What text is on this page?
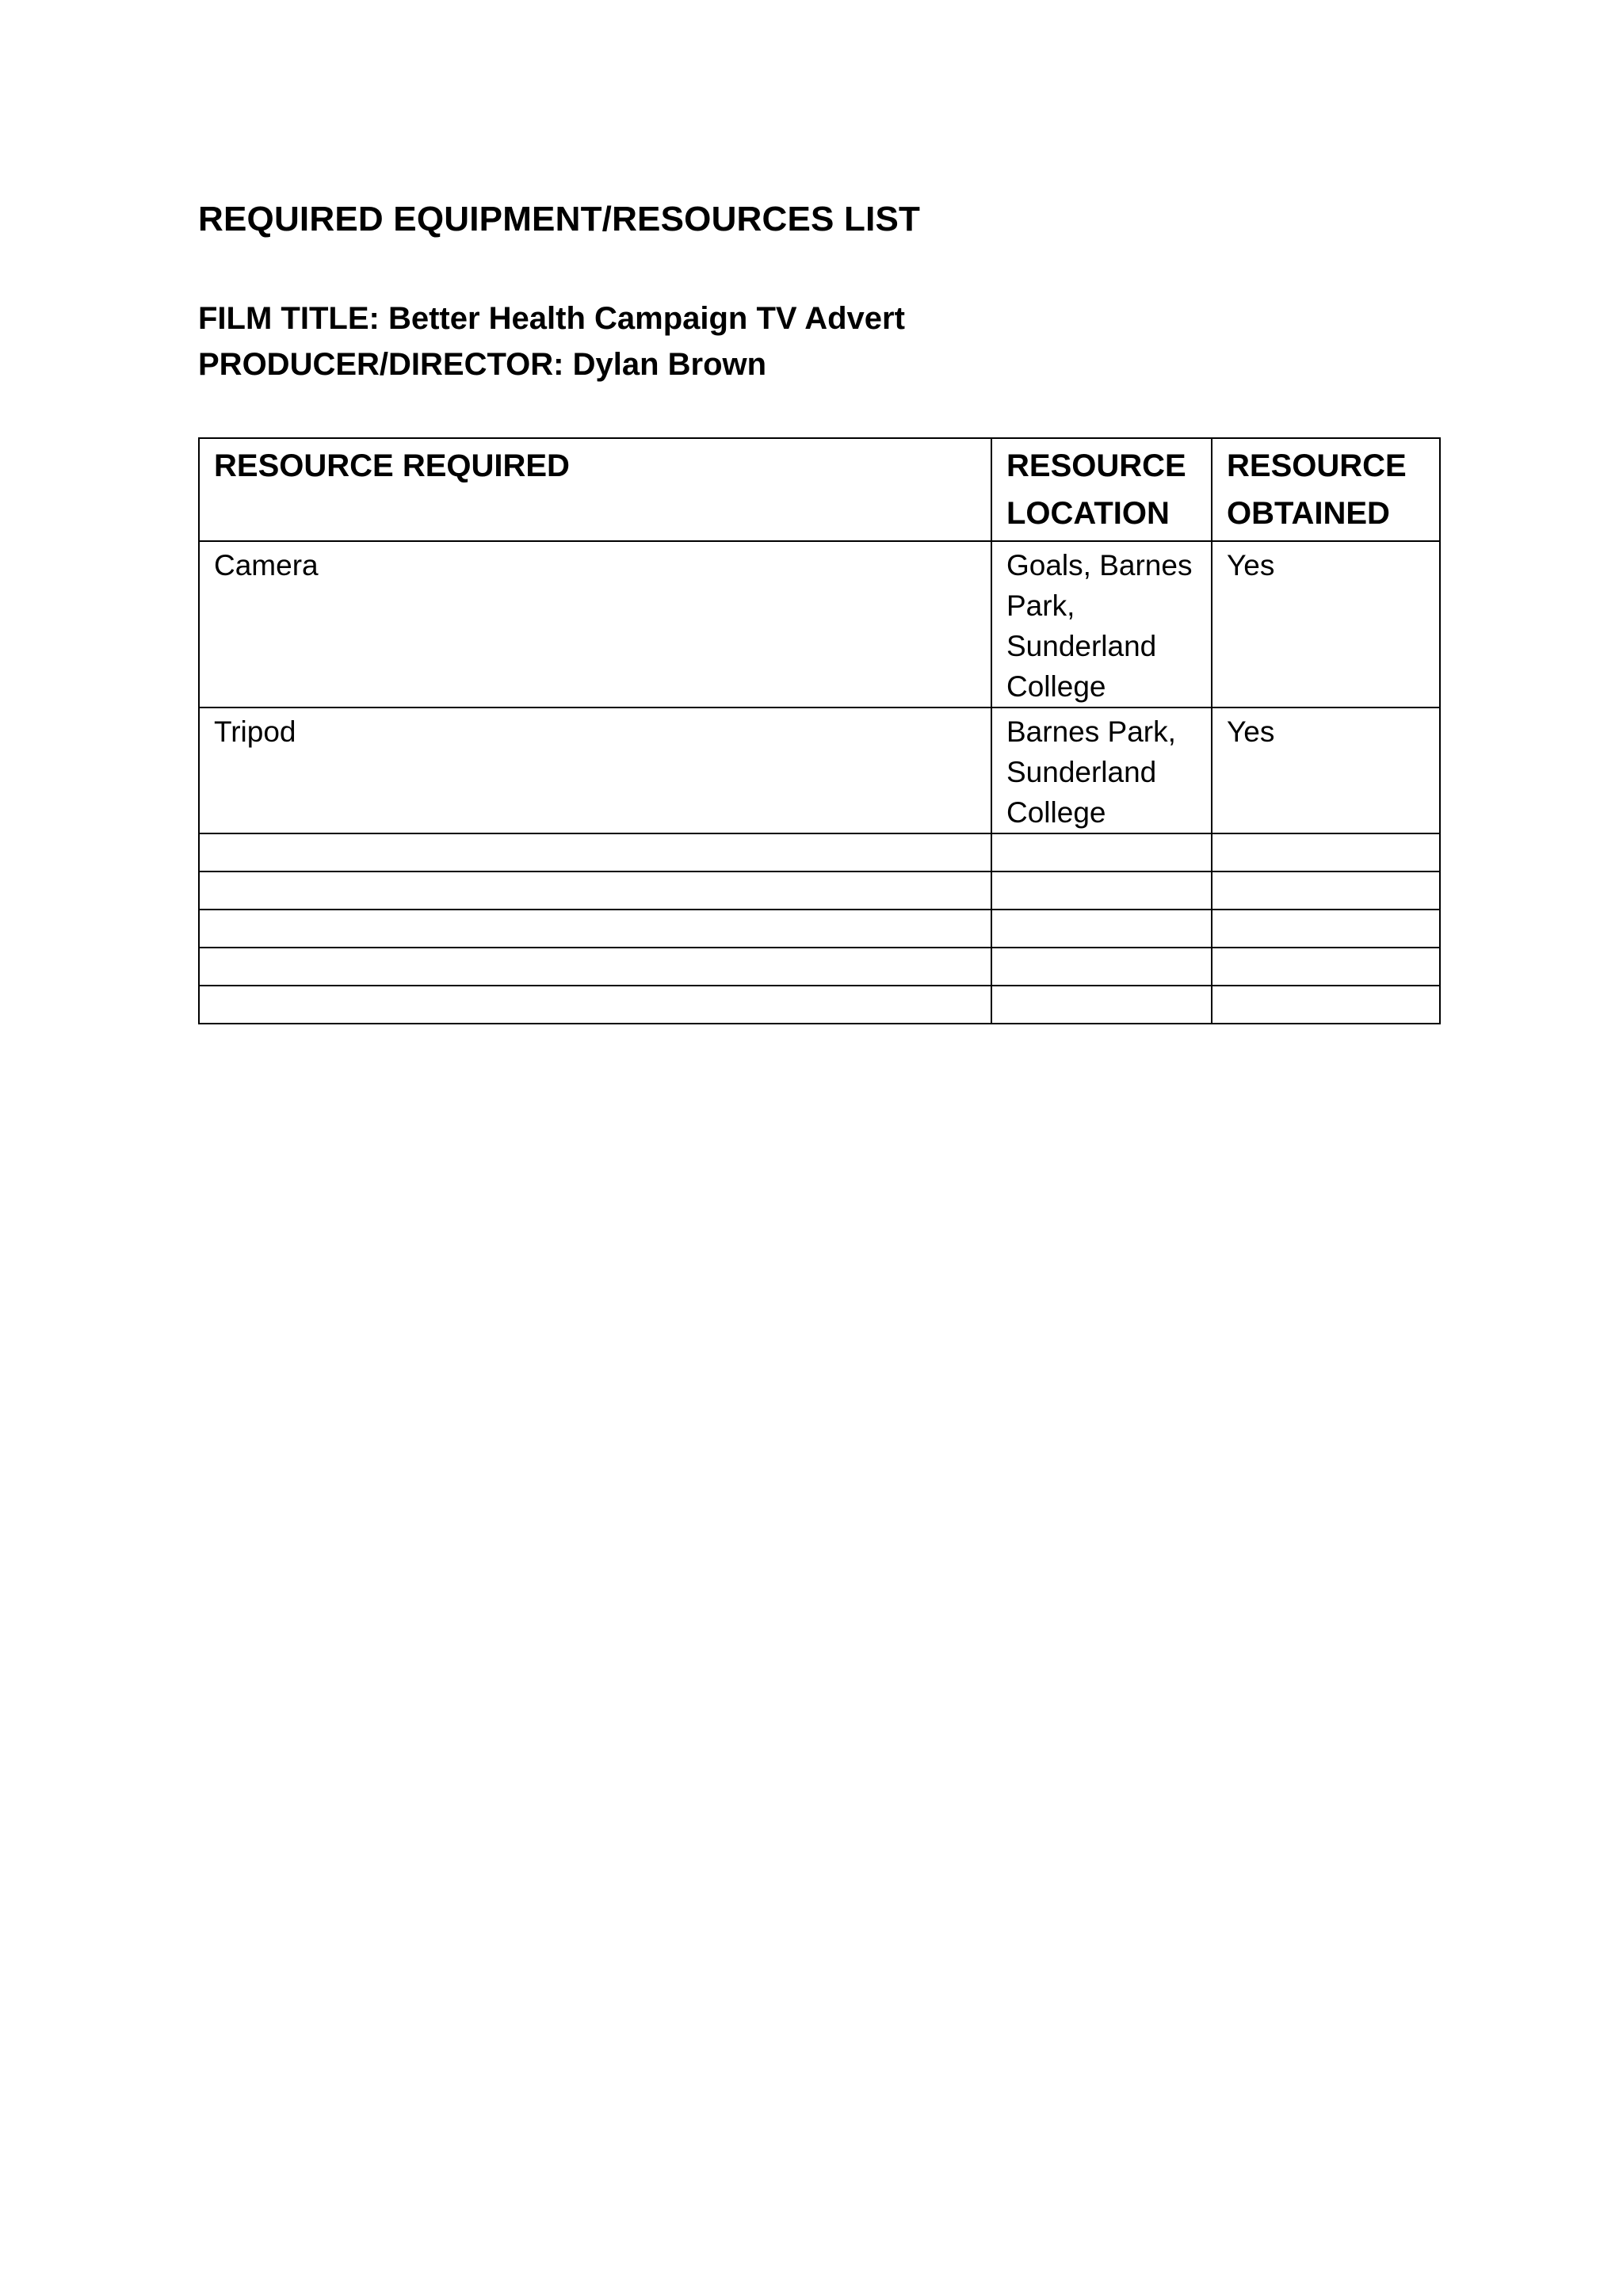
REQUIRED EQUIPMENT/RESOURCES LIST

FILM TITLE: Better Health Campaign TV Advert

PRODUCER/DIRECTOR: Dylan Brown

RESOURCE REQUIRED	RESOURCE LOCATION	RESOURCE OBTAINED
Camera	Goals, Barnes Park, Sunderland College	Yes
Tripod	Barnes Park, Sunderland College	Yes
